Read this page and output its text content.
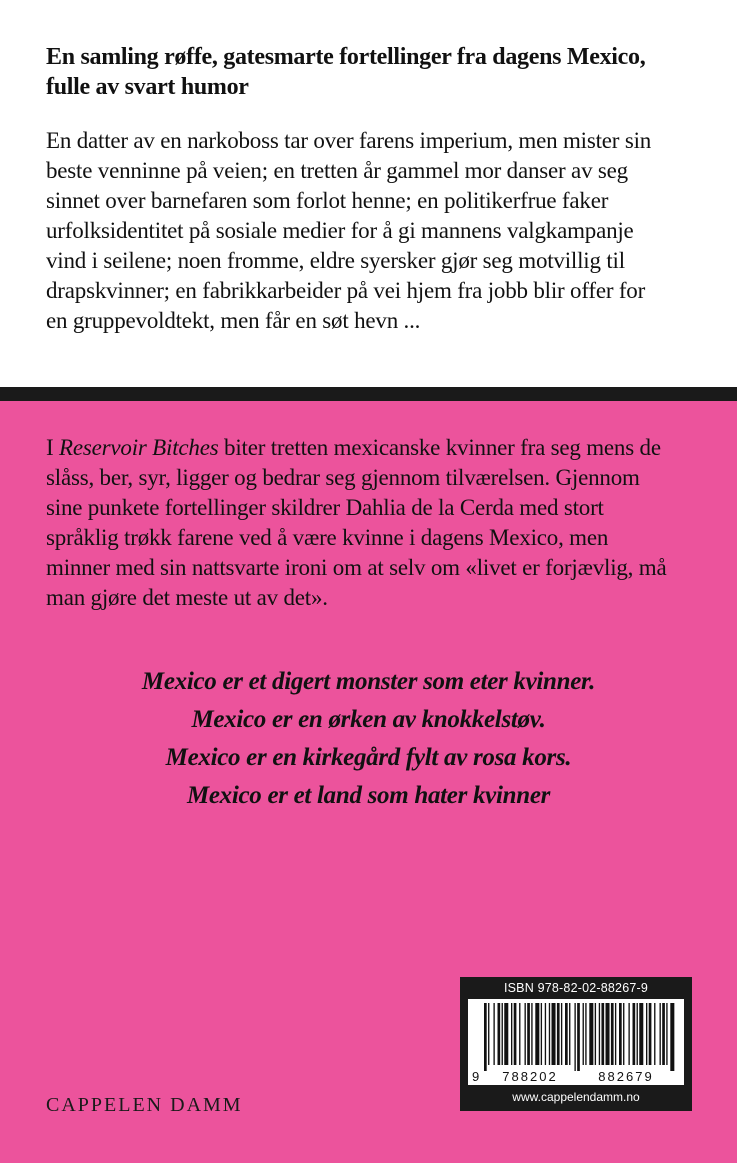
En samling røffe, gatesmarte fortellinger fra dagens Mexico,
fulle av svart humor

En datter av en narkoboss tar over farens imperium, men mister sin
beste venninne på veien; en tretten år gammel mor danser av seg
sinnet over barnefaren som forlot henne; en politikerfrue faker
urfolksidentitet på sosiale medier for å gi mannens valgkampanje
vind i seilene; noen fromme, eldre syersker gjør seg motvillig til
drapskvinner; en fabrikkarbeider på vei hjem fra jobb blir offer for
en gruppevoldtekt, men får en søt hevn ...

I Reservoir Bitches biter tretten mexicanske kvinner fra seg mens de
slåss, ber, syr, ligger og bedrar seg gjennom tilværelsen. Gjennom
sine punkete fortellinger skildrer Dahlia de la Cerda med stort
språklig trøkk farene ved å være kvinne i dagens Mexico, men
minner med sin nattsvarte ironi om at selv om «livet er forjævlig, må
man gjøre det meste ut av det».

Mexico er et digert monster som eter kvinner.
Mexico er en ørken av knokkelstøv.
Mexico er en kirkegård fylt av rosa kors.
Mexico er et land som hater kvinner
CAPPELEN DAMM
ISBN 978-82-02-88267-9
9 788202	882679
www.cappelendamm.no
